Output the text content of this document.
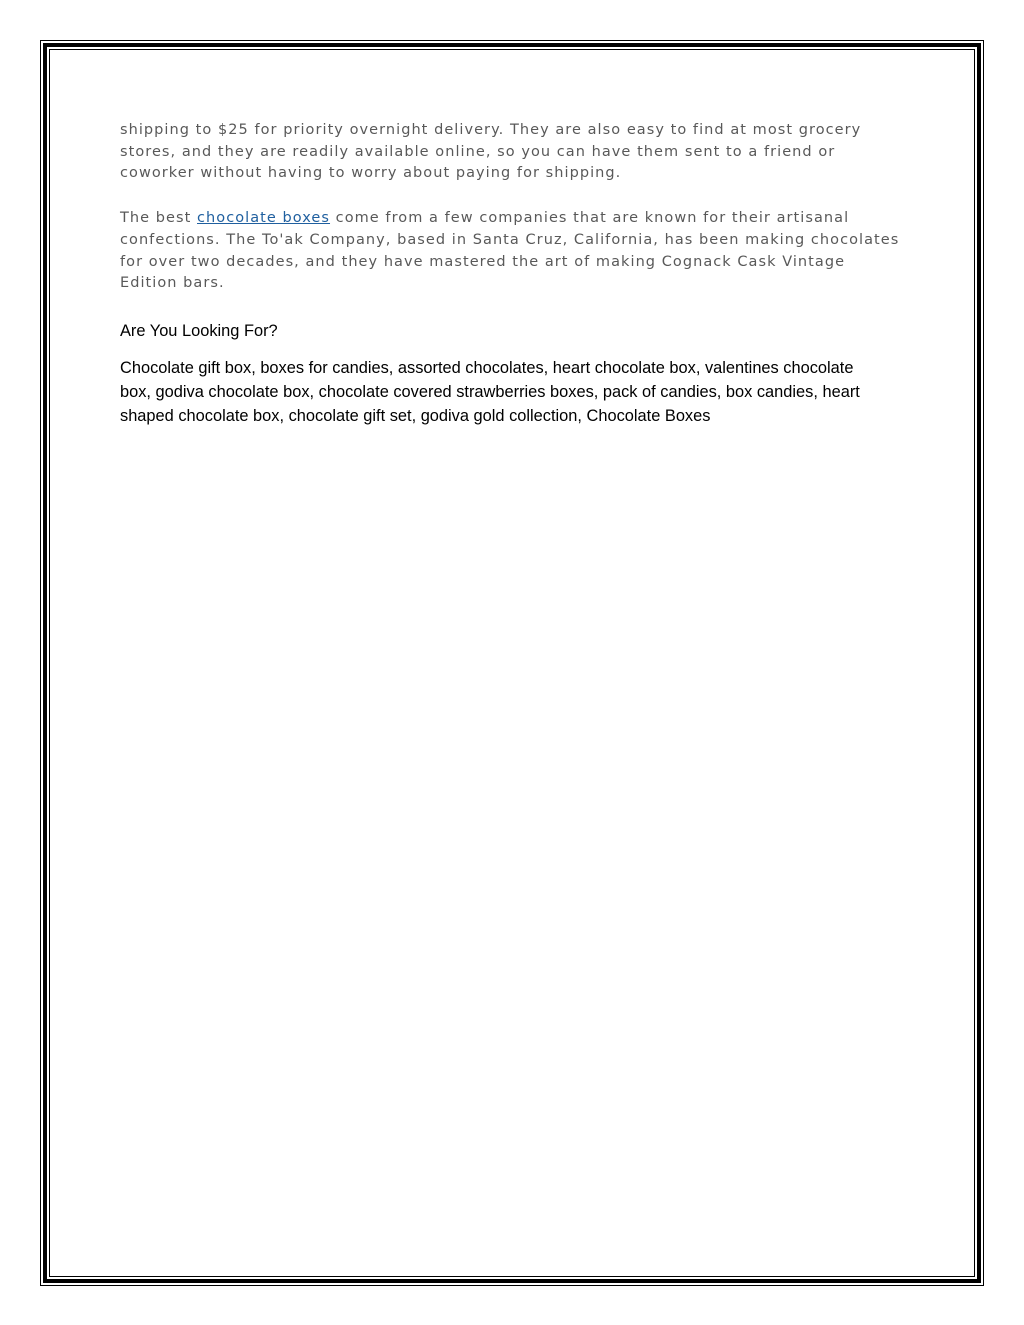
shipping to $25 for priority overnight delivery. They are also easy to find at most grocery
stores, and they are readily available online, so you can have them sent to a friend or
coworker without having to worry about paying for shipping.

The best chocolate boxes come from a few companies that are known for their artisanal
confections. The To'ak Company, based in Santa Cruz, California, has been making chocolates
for over two decades, and they have mastered the art of making Cognack Cask Vintage
Edition bars.

Are You Looking For?

Chocolate gift box, boxes for candies, assorted chocolates, heart chocolate box, valentines chocolate
box, godiva chocolate box, chocolate covered strawberries boxes, pack of candies, box candies, heart
shaped chocolate box, chocolate gift set, godiva gold collection, Chocolate Boxes
